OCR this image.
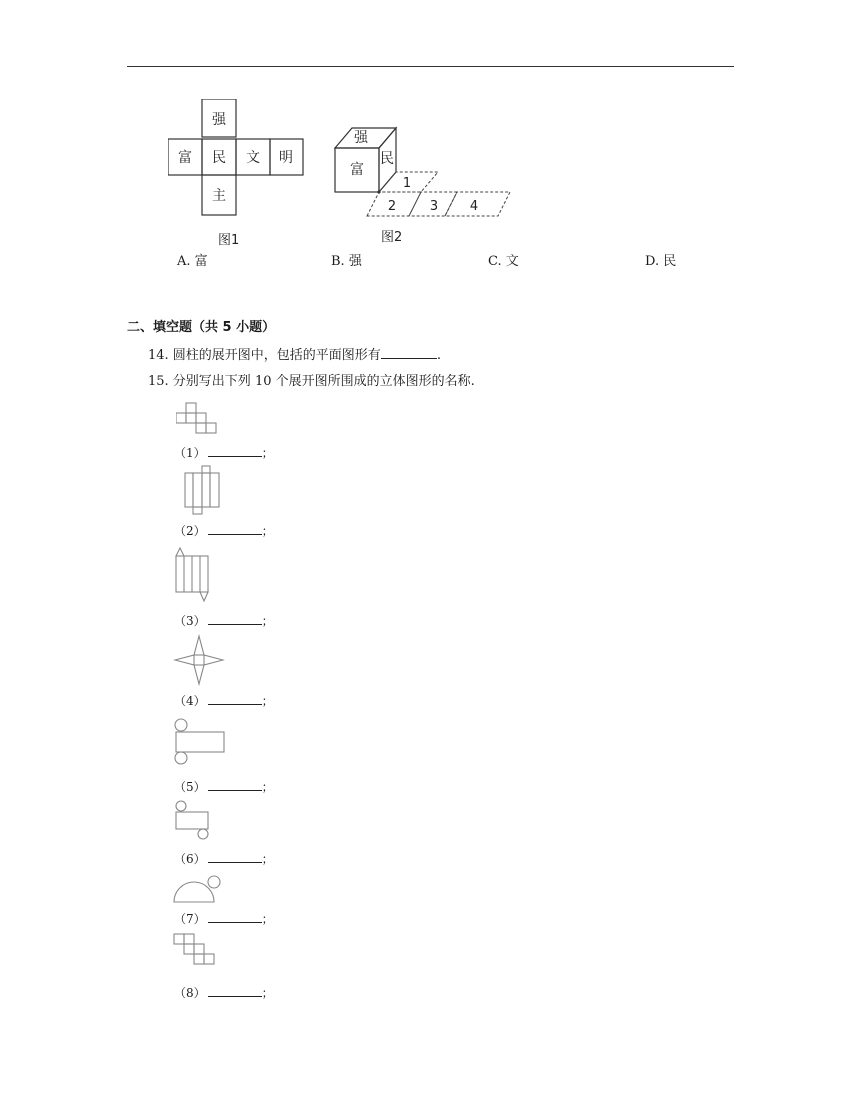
强
富 民 文 明
主
图1
强
富
民
1
2	3 4
图2
A. 富	B. 强	C. 文	D. 民
二、填空题（共 5 小题）
14. 圆柱的展开图中，包括的平面图形有	.
15. 分别写出下列 10 个展开图所围成的立体图形的名称.
（1）	；
（2）	；
（3）	；
（4）	；
（5）	；
（6）	；
（7）	；
（8）	；
